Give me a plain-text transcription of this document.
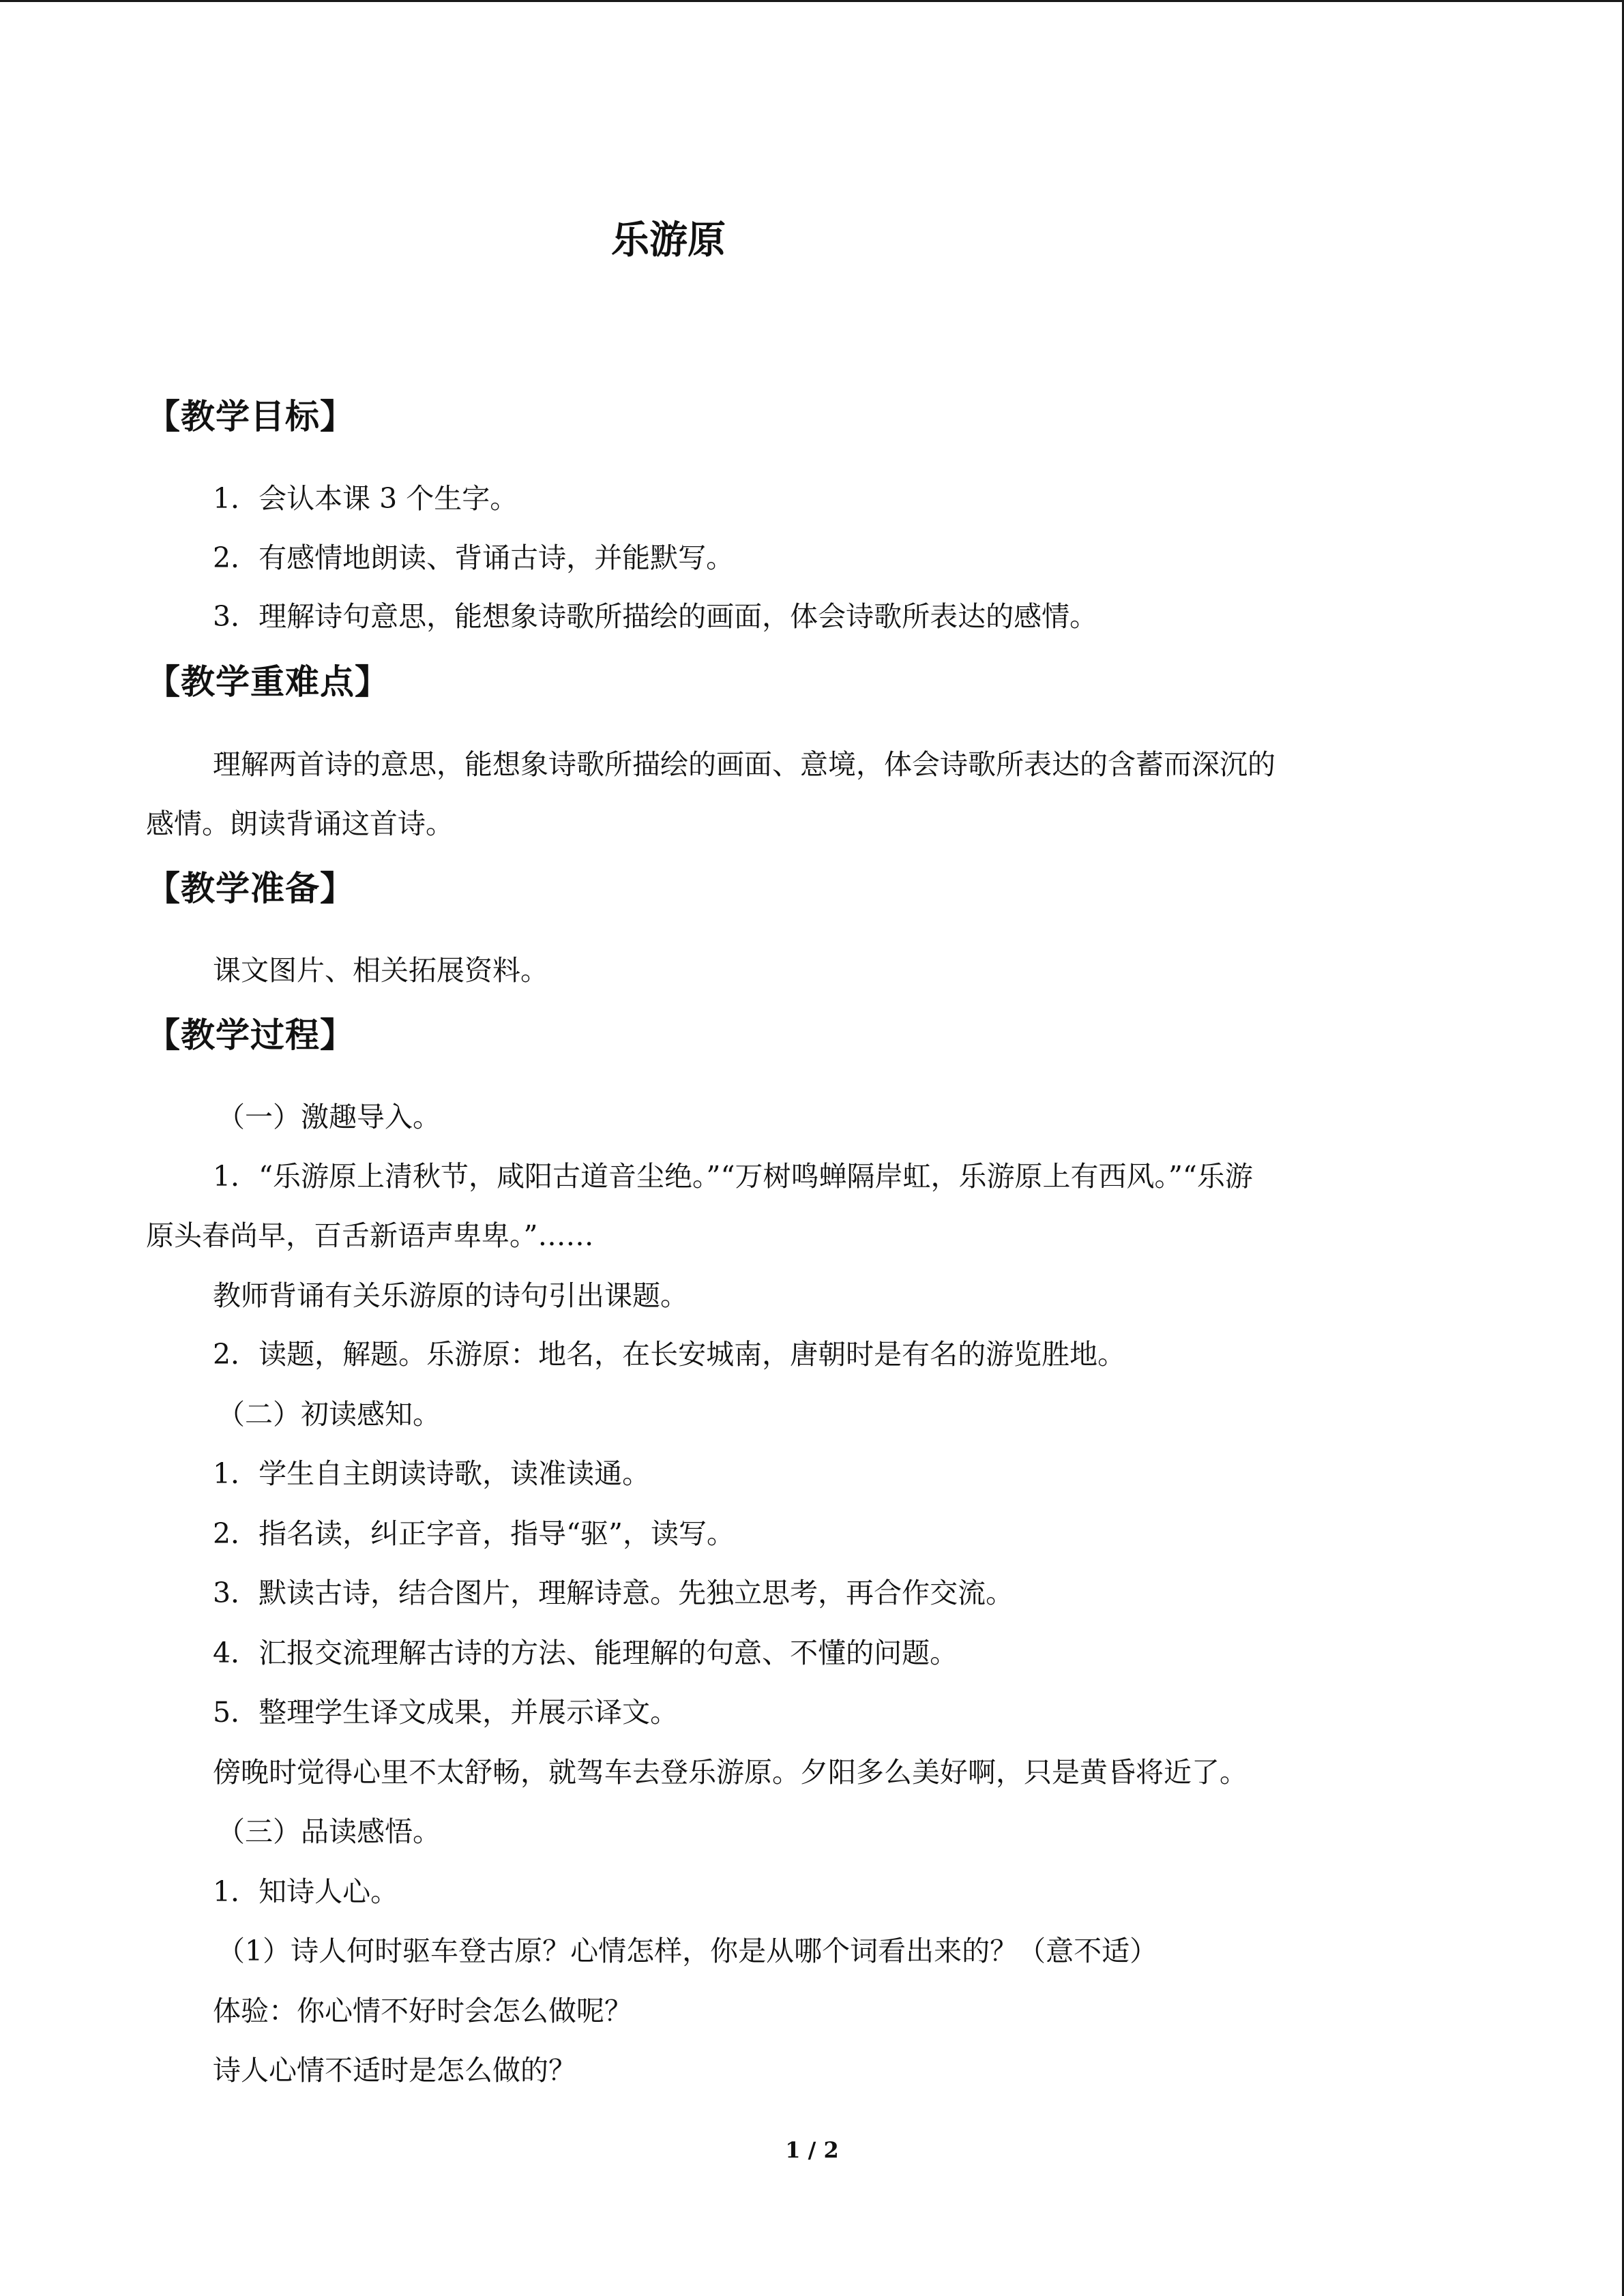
乐游原
【教学目标】

1．会认本课 3 个生字。

2．有感情地朗读、背诵古诗，并能默写。

3．理解诗句意思，能想象诗歌所描绘的画面，体会诗歌所表达的感情。

【教学重难点】

理解两首诗的意思，能想象诗歌所描绘的画面、意境，体会诗歌所表达的含蓄而深沉的

感情。朗读背诵这首诗。

【教学准备】

课文图片、相关拓展资料。

【教学过程】

（一）激趣导入。

1．“乐游原上清秋节，咸阳古道音尘绝。”“万树鸣蝉隔岸虹，乐游原上有西风。”“乐游

原头春尚早，百舌新语声卑卑。”……

教师背诵有关乐游原的诗句引出课题。

2．读题，解题。乐游原：地名，在长安城南，唐朝时是有名的游览胜地。

（二）初读感知。

1．学生自主朗读诗歌，读准读通。

2．指名读，纠正字音，指导“驱”，读写。

3．默读古诗，结合图片，理解诗意。先独立思考，再合作交流。

4．汇报交流理解古诗的方法、能理解的句意、不懂的问题。

5．整理学生译文成果，并展示译文。

傍晚时觉得心里不太舒畅，就驾车去登乐游原。夕阳多么美好啊，只是黄昏将近了。

（三）品读感悟。

1．知诗人心。

（1）诗人何时驱车登古原？心情怎样，你是从哪个词看出来的？（意不适）

体验：你心情不好时会怎么做呢？

诗人心情不适时是怎么做的？

1 / 2
